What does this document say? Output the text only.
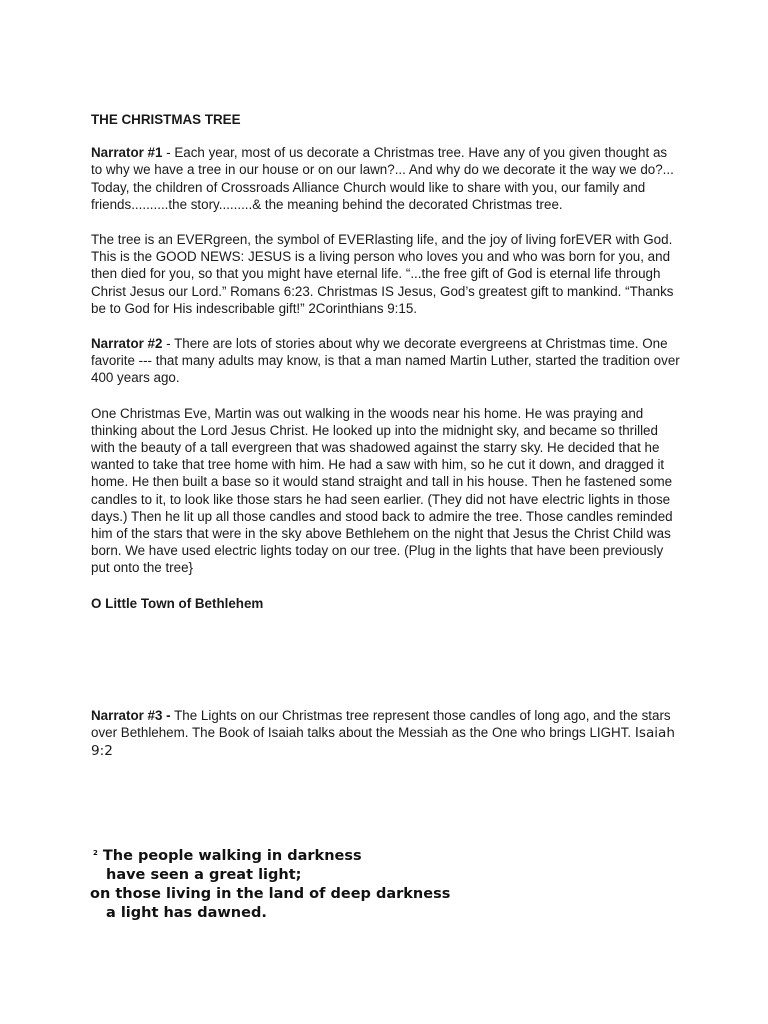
THE CHRISTMAS TREE

Narrator #1 - Each year, most of us decorate a Christmas tree. Have any of you given thought as to why we have a tree in our house or on our lawn?... And why do we decorate it the way we do?... Today, the children of Crossroads Alliance Church would like to share with you, our family and friends..........the story.........& the meaning behind the decorated Christmas tree.

The tree is an EVERgreen, the symbol of EVERlasting life, and the joy of living forEVER with God. This is the GOOD NEWS: JESUS is a living person who loves you and who was born for you, and then died for you, so that you might have eternal life. “...the free gift of God is eternal life through Christ Jesus our Lord.” Romans 6:23. Christmas IS Jesus, God’s greatest gift to mankind. “Thanks be to God for His indescribable gift!” 2Corinthians 9:15.

Narrator #2 - There are lots of stories about why we decorate evergreens at Christmas time. One favorite --- that many adults may know, is that a man named Martin Luther, started the tradition over 400 years ago.

One Christmas Eve, Martin was out walking in the woods near his home. He was praying and thinking about the Lord Jesus Christ. He looked up into the midnight sky, and became so thrilled with the beauty of a tall evergreen that was shadowed against the starry sky. He decided that he wanted to take that tree home with him. He had a saw with him, so he cut it down, and dragged it home. He then built a base so it would stand straight and tall in his house. Then he fastened some candles to it, to look like those stars he had seen earlier. (They did not have electric lights in those days.) Then he lit up all those candles and stood back to admire the tree. Those candles reminded him of the stars that were in the sky above Bethlehem on the night that Jesus the Christ Child was born. We have used electric lights today on our tree. (Plug in the lights that have been previously put onto the tree}

O Little Town of Bethlehem

Narrator #3 - The Lights on our Christmas tree represent those candles of long ago, and the stars over Bethlehem. The Book of Isaiah talks about the Messiah as the One who brings LIGHT. Isaiah 9:2

$^2$ The people walking in darkness
have seen a great light;
on those living in the land of deep darkness
a light has dawned.
